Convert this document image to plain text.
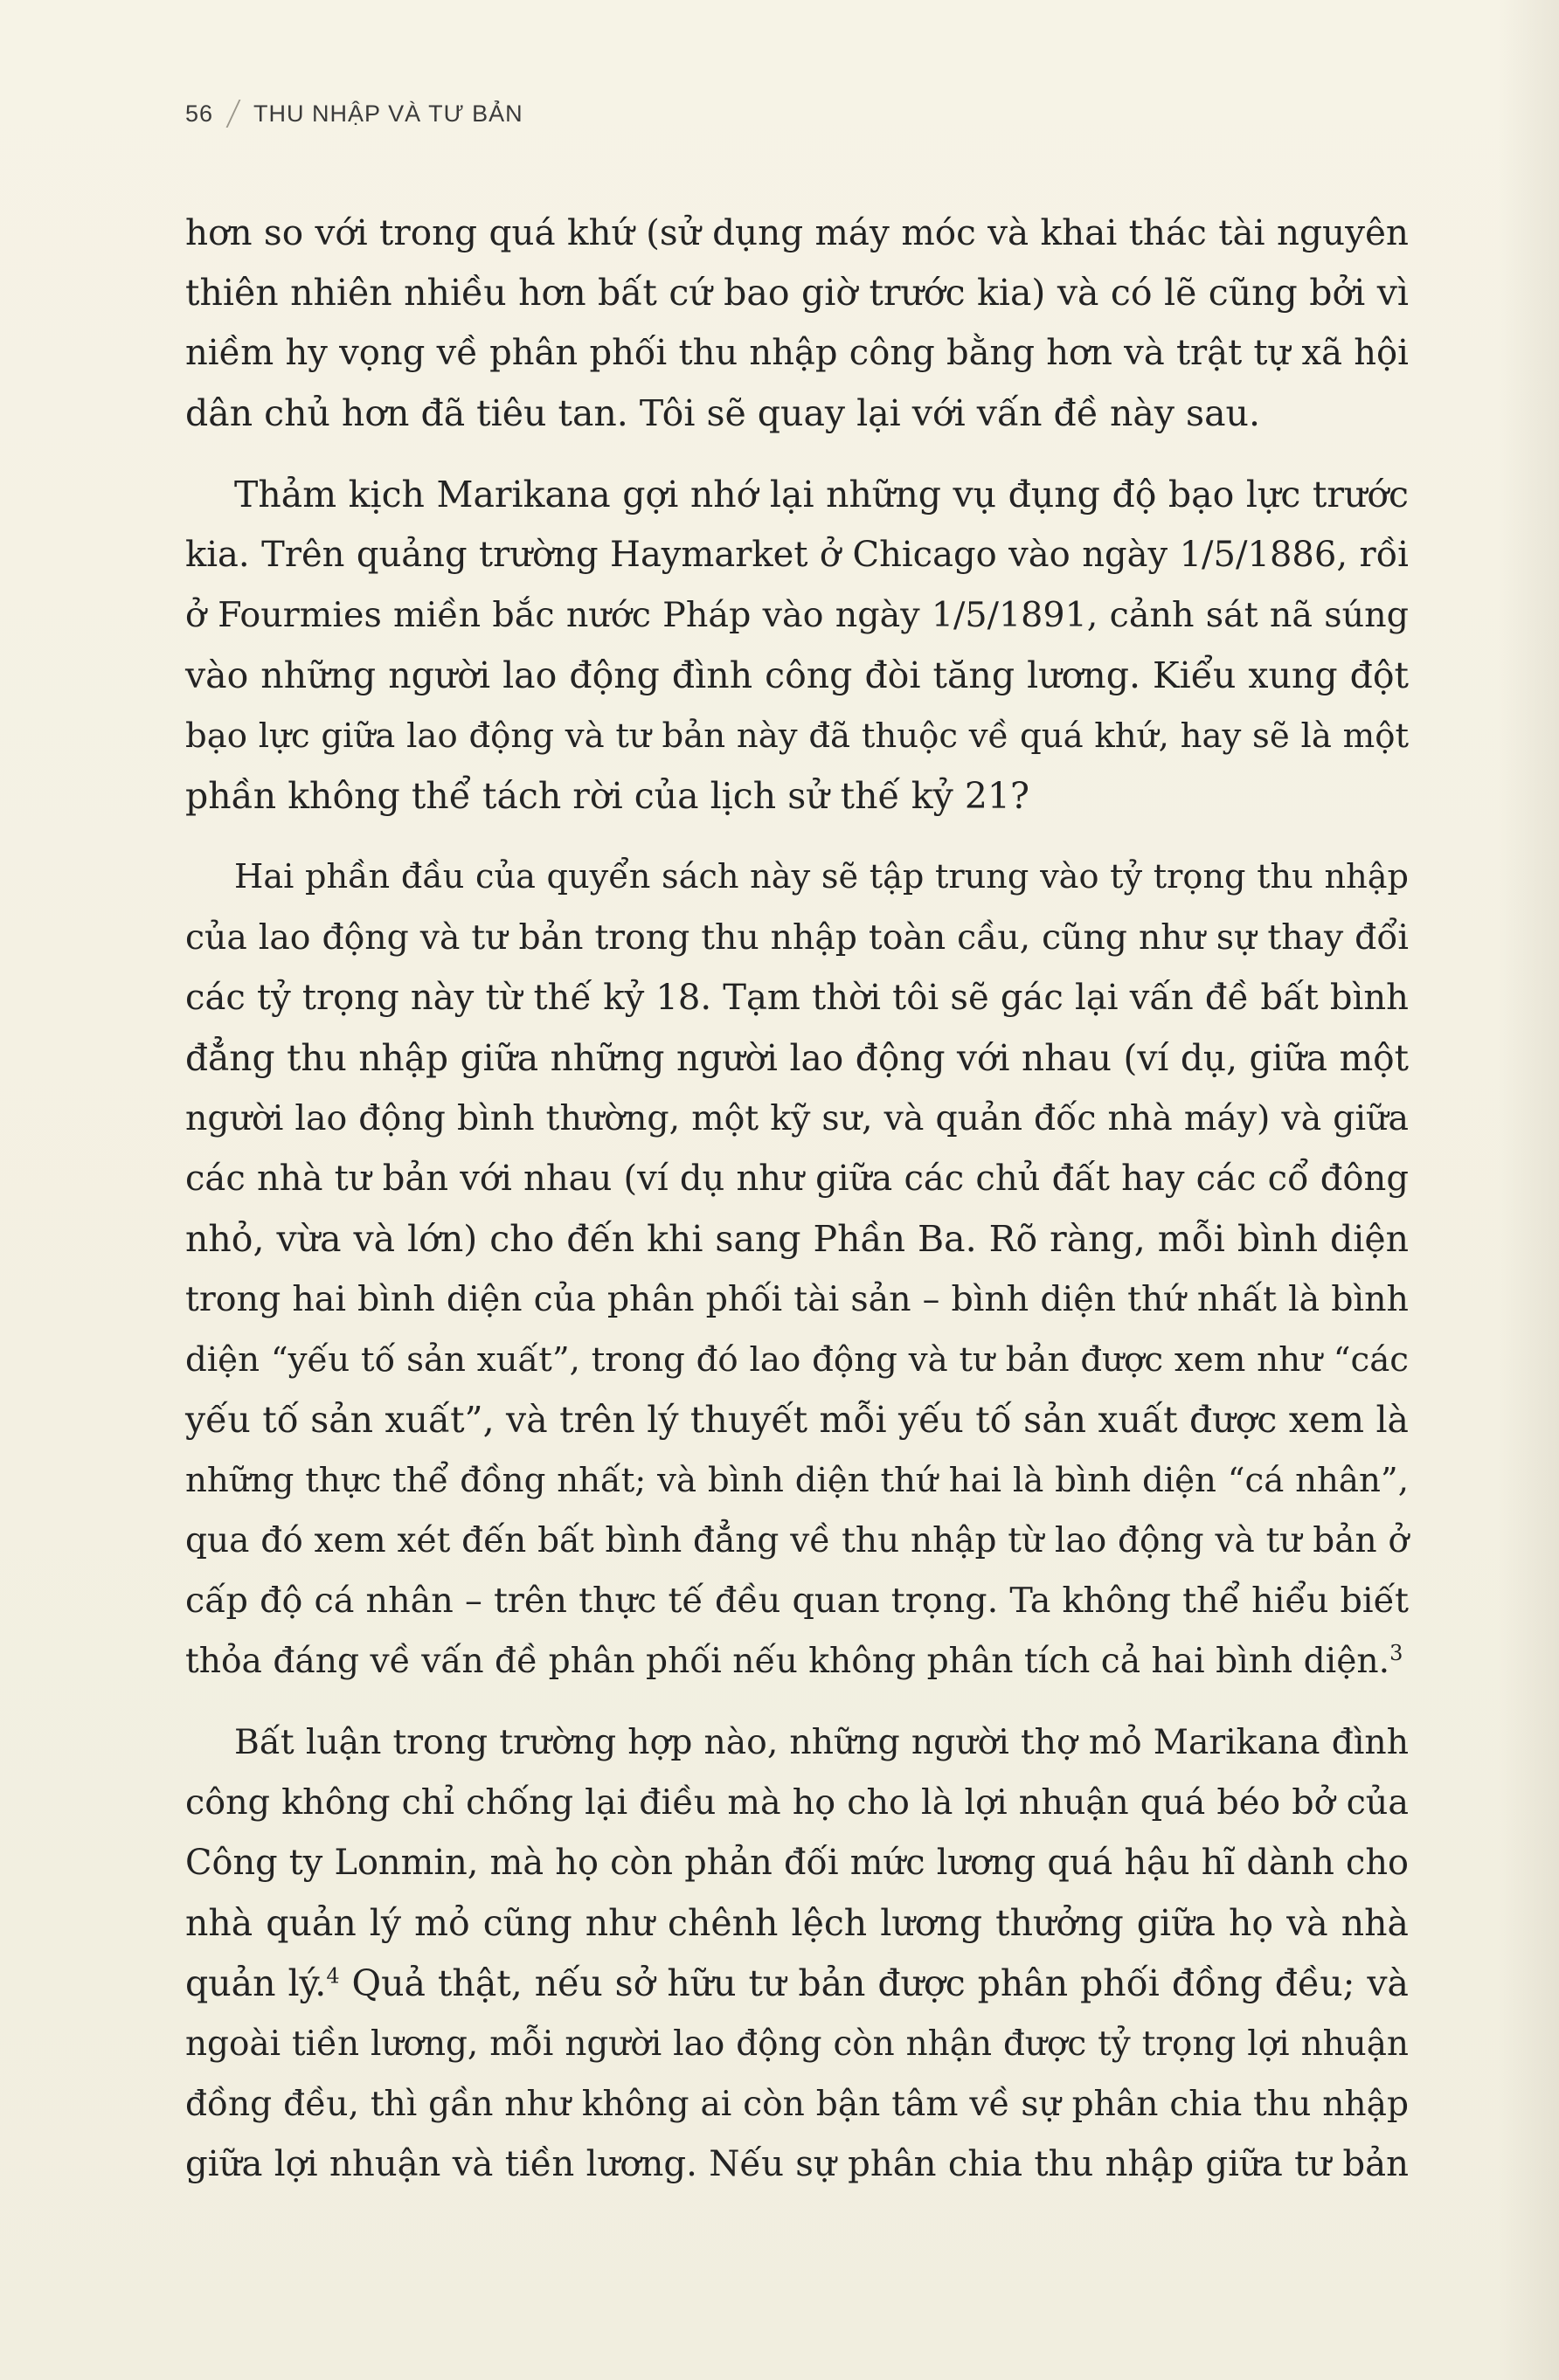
56 THU NHẬP VÀ TƯ BẢN
hơn so với trong quá khứ (sử dụng máy móc và khai thác tài nguyên
thiên nhiên nhiều hơn bất cứ bao giờ trước kia) và có lẽ cũng bởi vì
niềm hy vọng về phân phối thu nhập công bằng hơn và trật tự xã hội
dân chủ hơn đã tiêu tan. Tôi sẽ quay lại với vấn đề này sau.
Thảm kịch Marikana gợi nhớ lại những vụ đụng độ bạo lực trước
kia. Trên quảng trường Haymarket ở Chicago vào ngày 1/5/1886, rồi
ở Fourmies miền bắc nước Pháp vào ngày 1/5/1891, cảnh sát nã súng
vào những người lao động đình công đòi tăng lương. Kiểu xung đột
bạo lực giữa lao động và tư bản này đã thuộc về quá khứ, hay sẽ là một
phần không thể tách rời của lịch sử thế kỷ 21?
Hai phần đầu của quyển sách này sẽ tập trung vào tỷ trọng thu nhập
của lao động và tư bản trong thu nhập toàn cầu, cũng như sự thay đổi
các tỷ trọng này từ thế kỷ 18. Tạm thời tôi sẽ gác lại vấn đề bất bình
đẳng thu nhập giữa những người lao động với nhau (ví dụ, giữa một
người lao động bình thường, một kỹ sư, và quản đốc nhà máy) và giữa
các nhà tư bản với nhau (ví dụ như giữa các chủ đất hay các cổ đông
nhỏ, vừa và lớn) cho đến khi sang Phần Ba. Rõ ràng, mỗi bình diện
trong hai bình diện của phân phối tài sản – bình diện thứ nhất là bình
diện “yếu tố sản xuất”, trong đó lao động và tư bản được xem như “các
yếu tố sản xuất”, và trên lý thuyết mỗi yếu tố sản xuất được xem là
những thực thể đồng nhất; và bình diện thứ hai là bình diện “cá nhân”,
qua đó xem xét đến bất bình đẳng về thu nhập từ lao động và tư bản ở
cấp độ cá nhân – trên thực tế đều quan trọng. Ta không thể hiểu biết
thỏa đáng về vấn đề phân phối nếu không phân tích cả hai bình diện.$^3$
Bất luận trong trường hợp nào, những người thợ mỏ Marikana đình
công không chỉ chống lại điều mà họ cho là lợi nhuận quá béo bở của
Công ty Lonmin, mà họ còn phản đối mức lương quá hậu hĩ dành cho
nhà quản lý mỏ cũng như chênh lệch lương thưởng giữa họ và nhà
quản lý.$^4$ Quả thật, nếu sở hữu tư bản được phân phối đồng đều; và
ngoài tiền lương, mỗi người lao động còn nhận được tỷ trọng lợi nhuận
đồng đều, thì gần như không ai còn bận tâm về sự phân chia thu nhập
giữa lợi nhuận và tiền lương. Nếu sự phân chia thu nhập giữa tư bản
